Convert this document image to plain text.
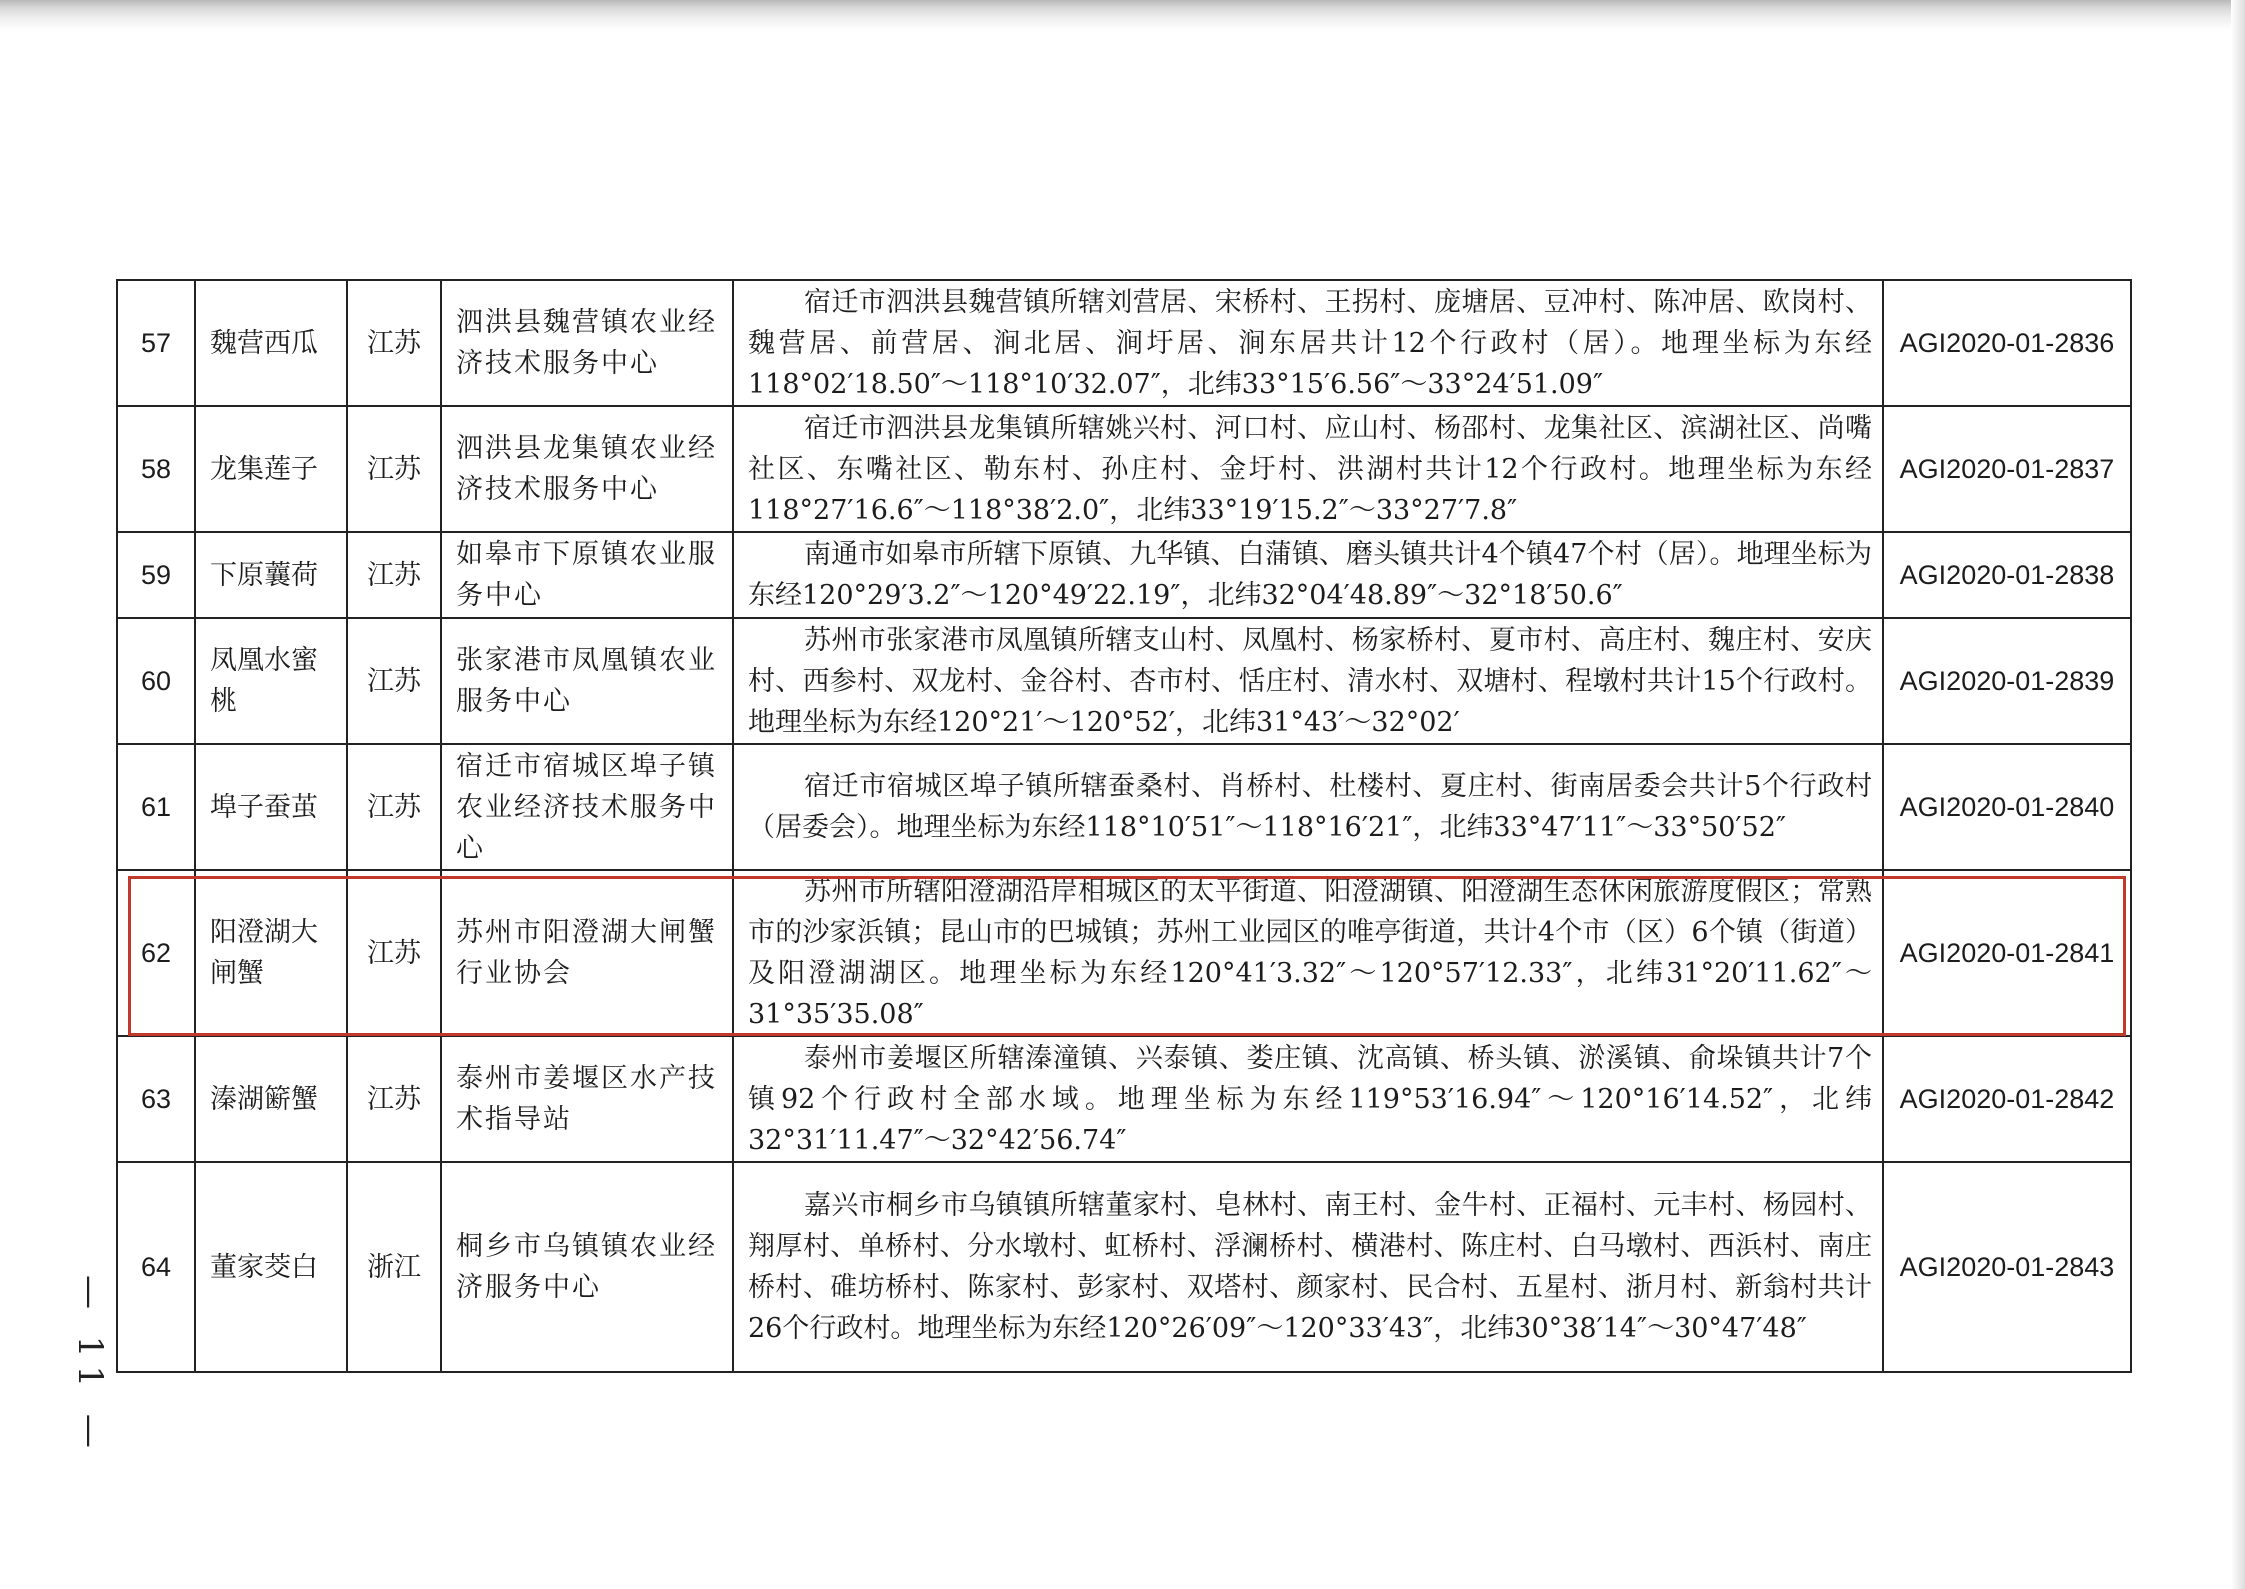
57	魏营西瓜	江苏	泗洪县魏营镇农业经济技术服务中心	宿迁市泗洪县魏营镇所辖刘营居、宋桥村、王拐村、庞塘居、豆冲村、陈冲居、欧岗村、魏营居、前营居、涧北居、涧圩居、涧东居共计12个行政村（居）。地理坐标为东经118°02′18.50″～118°10′32.07″，北纬33°15′6.56″～33°24′51.09″	AGI2020-01-2836
58	龙集莲子	江苏	泗洪县龙集镇农业经济技术服务中心	宿迁市泗洪县龙集镇所辖姚兴村、河口村、应山村、杨邵村、龙集社区、滨湖社区、尚嘴社区、东嘴社区、勒东村、孙庄村、金圩村、洪湖村共计12个行政村。地理坐标为东经118°27′16.6″～118°38′2.0″，北纬33°19′15.2″～33°27′7.8″	AGI2020-01-2837
59	下原蘘荷	江苏	如皋市下原镇农业服务中心	南通市如皋市所辖下原镇、九华镇、白蒲镇、磨头镇共计4个镇47个村（居）。地理坐标为东经120°29′3.2″～120°49′22.19″，北纬32°04′48.89″～32°18′50.6″	AGI2020-01-2838
60	凤凰水蜜桃	江苏	张家港市凤凰镇农业服务中心	苏州市张家港市凤凰镇所辖支山村、凤凰村、杨家桥村、夏市村、高庄村、魏庄村、安庆村、西参村、双龙村、金谷村、杏市村、恬庄村、清水村、双塘村、程墩村共计15个行政村。地理坐标为东经120°21′～120°52′，北纬31°43′～32°02′	AGI2020-01-2839
61	埠子蚕茧	江苏	宿迁市宿城区埠子镇农业经济技术服务中心	宿迁市宿城区埠子镇所辖蚕桑村、肖桥村、杜楼村、夏庄村、街南居委会共计5个行政村（居委会）。地理坐标为东经118°10′51″～118°16′21″，北纬33°47′11″～33°50′52″	AGI2020-01-2840
62	阳澄湖大闸蟹	江苏	苏州市阳澄湖大闸蟹行业协会	苏州市所辖阳澄湖沿岸相城区的太平街道、阳澄湖镇、阳澄湖生态休闲旅游度假区；常熟市的沙家浜镇；昆山市的巴城镇；苏州工业园区的唯亭街道，共计4个市（区）6个镇（街道）及阳澄湖湖区。地理坐标为东经120°41′3.32″～120°57′12.33″，北纬31°20′11.62″～31°35′35.08″	AGI2020-01-2841
63	溱湖簖蟹	江苏	泰州市姜堰区水产技术指导站	泰州市姜堰区所辖溱潼镇、兴泰镇、娄庄镇、沈高镇、桥头镇、淤溪镇、俞垛镇共计7个镇92个行政村全部水域。地理坐标为东经119°53′16.94″～120°16′14.52″，北纬32°31′11.47″～32°42′56.74″	AGI2020-01-2842
64	董家茭白	浙江	桐乡市乌镇镇农业经济服务中心	嘉兴市桐乡市乌镇镇所辖董家村、皂林村、南王村、金牛村、正福村、元丰村、杨园村、翔厚村、单桥村、分水墩村、虹桥村、浮澜桥村、横港村、陈庄村、白马墩村、西浜村、南庄桥村、碓坊桥村、陈家村、彭家村、双塔村、颜家村、民合村、五星村、浙月村、新翁村共计26个行政村。地理坐标为东经120°26′09″～120°33′43″，北纬30°38′14″～30°47′48″	AGI2020-01-2843
— 11 —
